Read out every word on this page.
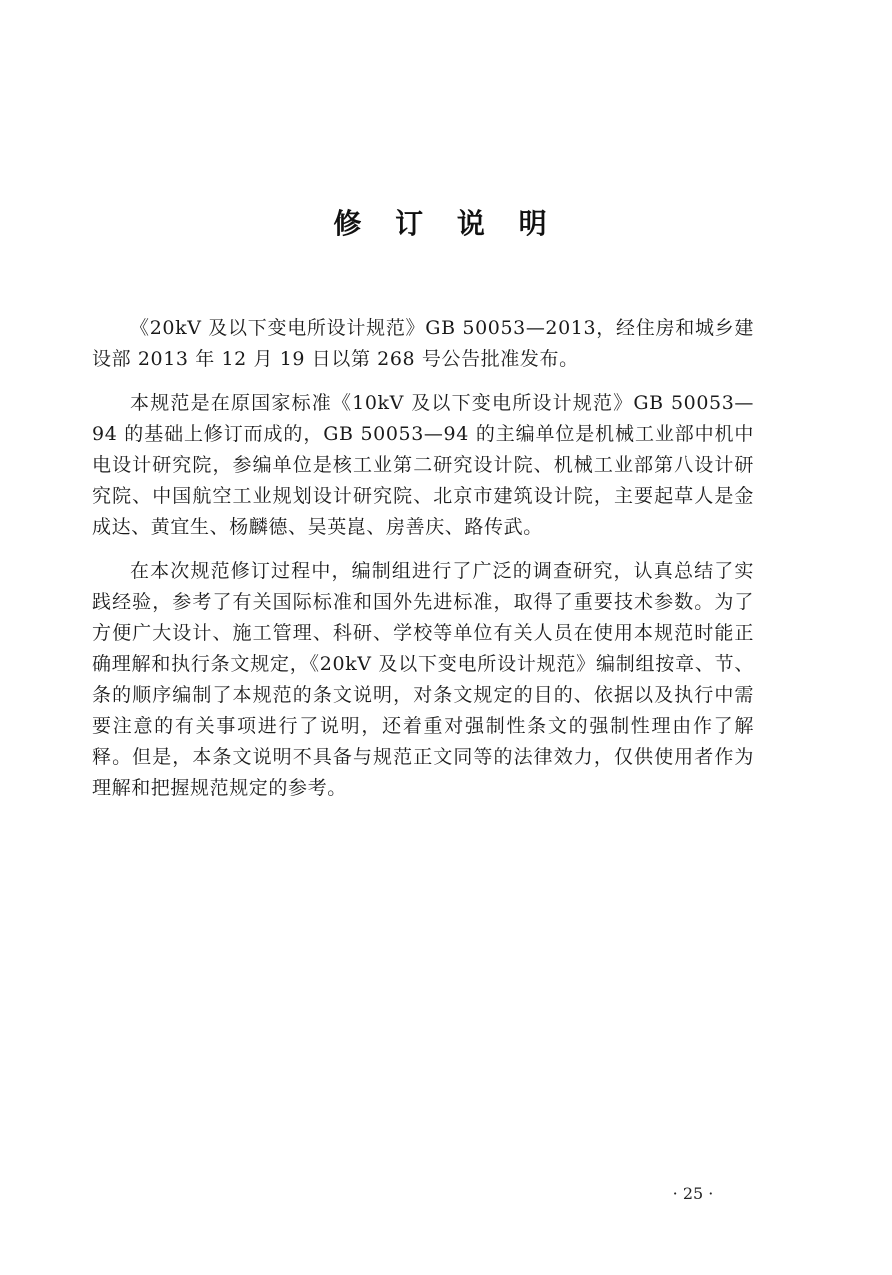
修 订 说 明

《20kV 及以下变电所设计规范》GB 50053—2013，经住房和城乡建设部 2013 年 12 月 19 日以第 268 号公告批准发布。

本规范是在原国家标准《10kV 及以下变电所设计规范》GB 50053—94 的基础上修订而成的，GB 50053—94 的主编单位是机械工业部中机中电设计研究院，参编单位是核工业第二研究设计院、机械工业部第八设计研究院、中国航空工业规划设计研究院、北京市建筑设计院，主要起草人是金成达、黄宜生、杨麟德、吴英崑、房善庆、路传武。

在本次规范修订过程中，编制组进行了广泛的调查研究，认真总结了实践经验，参考了有关国际标准和国外先进标准，取得了重要技术参数。为了方便广大设计、施工管理、科研、学校等单位有关人员在使用本规范时能正确理解和执行条文规定，《20kV 及以下变电所设计规范》编制组按章、节、条的顺序编制了本规范的条文说明，对条文规定的目的、依据以及执行中需要注意的有关事项进行了说明，还着重对强制性条文的强制性理由作了解释。但是，本条文说明不具备与规范正文同等的法律效力，仅供使用者作为理解和把握规范规定的参考。

· 25 ·
